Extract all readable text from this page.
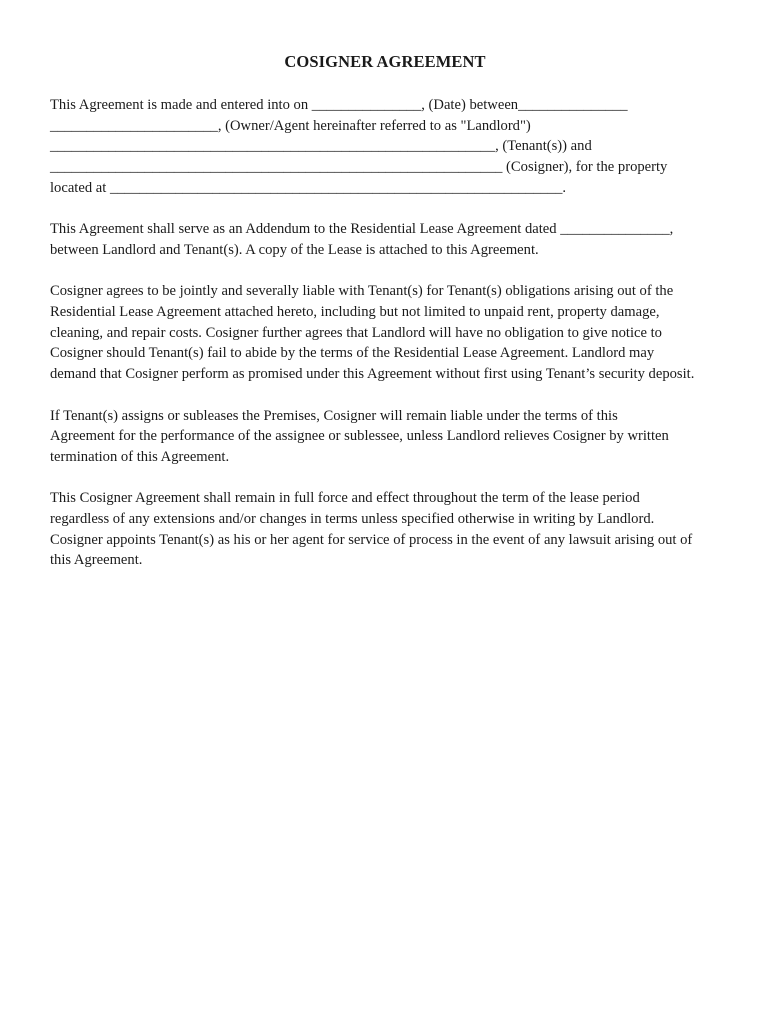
COSIGNER AGREEMENT

This Agreement is made and entered into on _______________, (Date) between_______________
_______________________, (Owner/Agent hereinafter referred to as "Landlord")
_____________________________________________________________, (Tenant(s)) and
______________________________________________________________ (Cosigner), for the property
located at ______________________________________________________________.

This Agreement shall serve as an Addendum to the Residential Lease Agreement dated _______________,
between Landlord and Tenant(s). A copy of the Lease is attached to this Agreement.

Cosigner agrees to be jointly and severally liable with Tenant(s) for Tenant(s) obligations arising out of the
Residential Lease Agreement attached hereto, including but not limited to unpaid rent, property damage,
cleaning, and repair costs. Cosigner further agrees that Landlord will have no obligation to give notice to
Cosigner should Tenant(s) fail to abide by the terms of the Residential Lease Agreement. Landlord may
demand that Cosigner perform as promised under this Agreement without first using Tenant’s security deposit.

If Tenant(s) assigns or subleases the Premises, Cosigner will remain liable under the terms of this
Agreement for the performance of the assignee or sublessee, unless Landlord relieves Cosigner by written
termination of this Agreement.

This Cosigner Agreement shall remain in full force and effect throughout the term of the lease period
regardless of any extensions and/or changes in terms unless specified otherwise in writing by Landlord.
Cosigner appoints Tenant(s) as his or her agent for service of process in the event of any lawsuit arising out of
this Agreement.
